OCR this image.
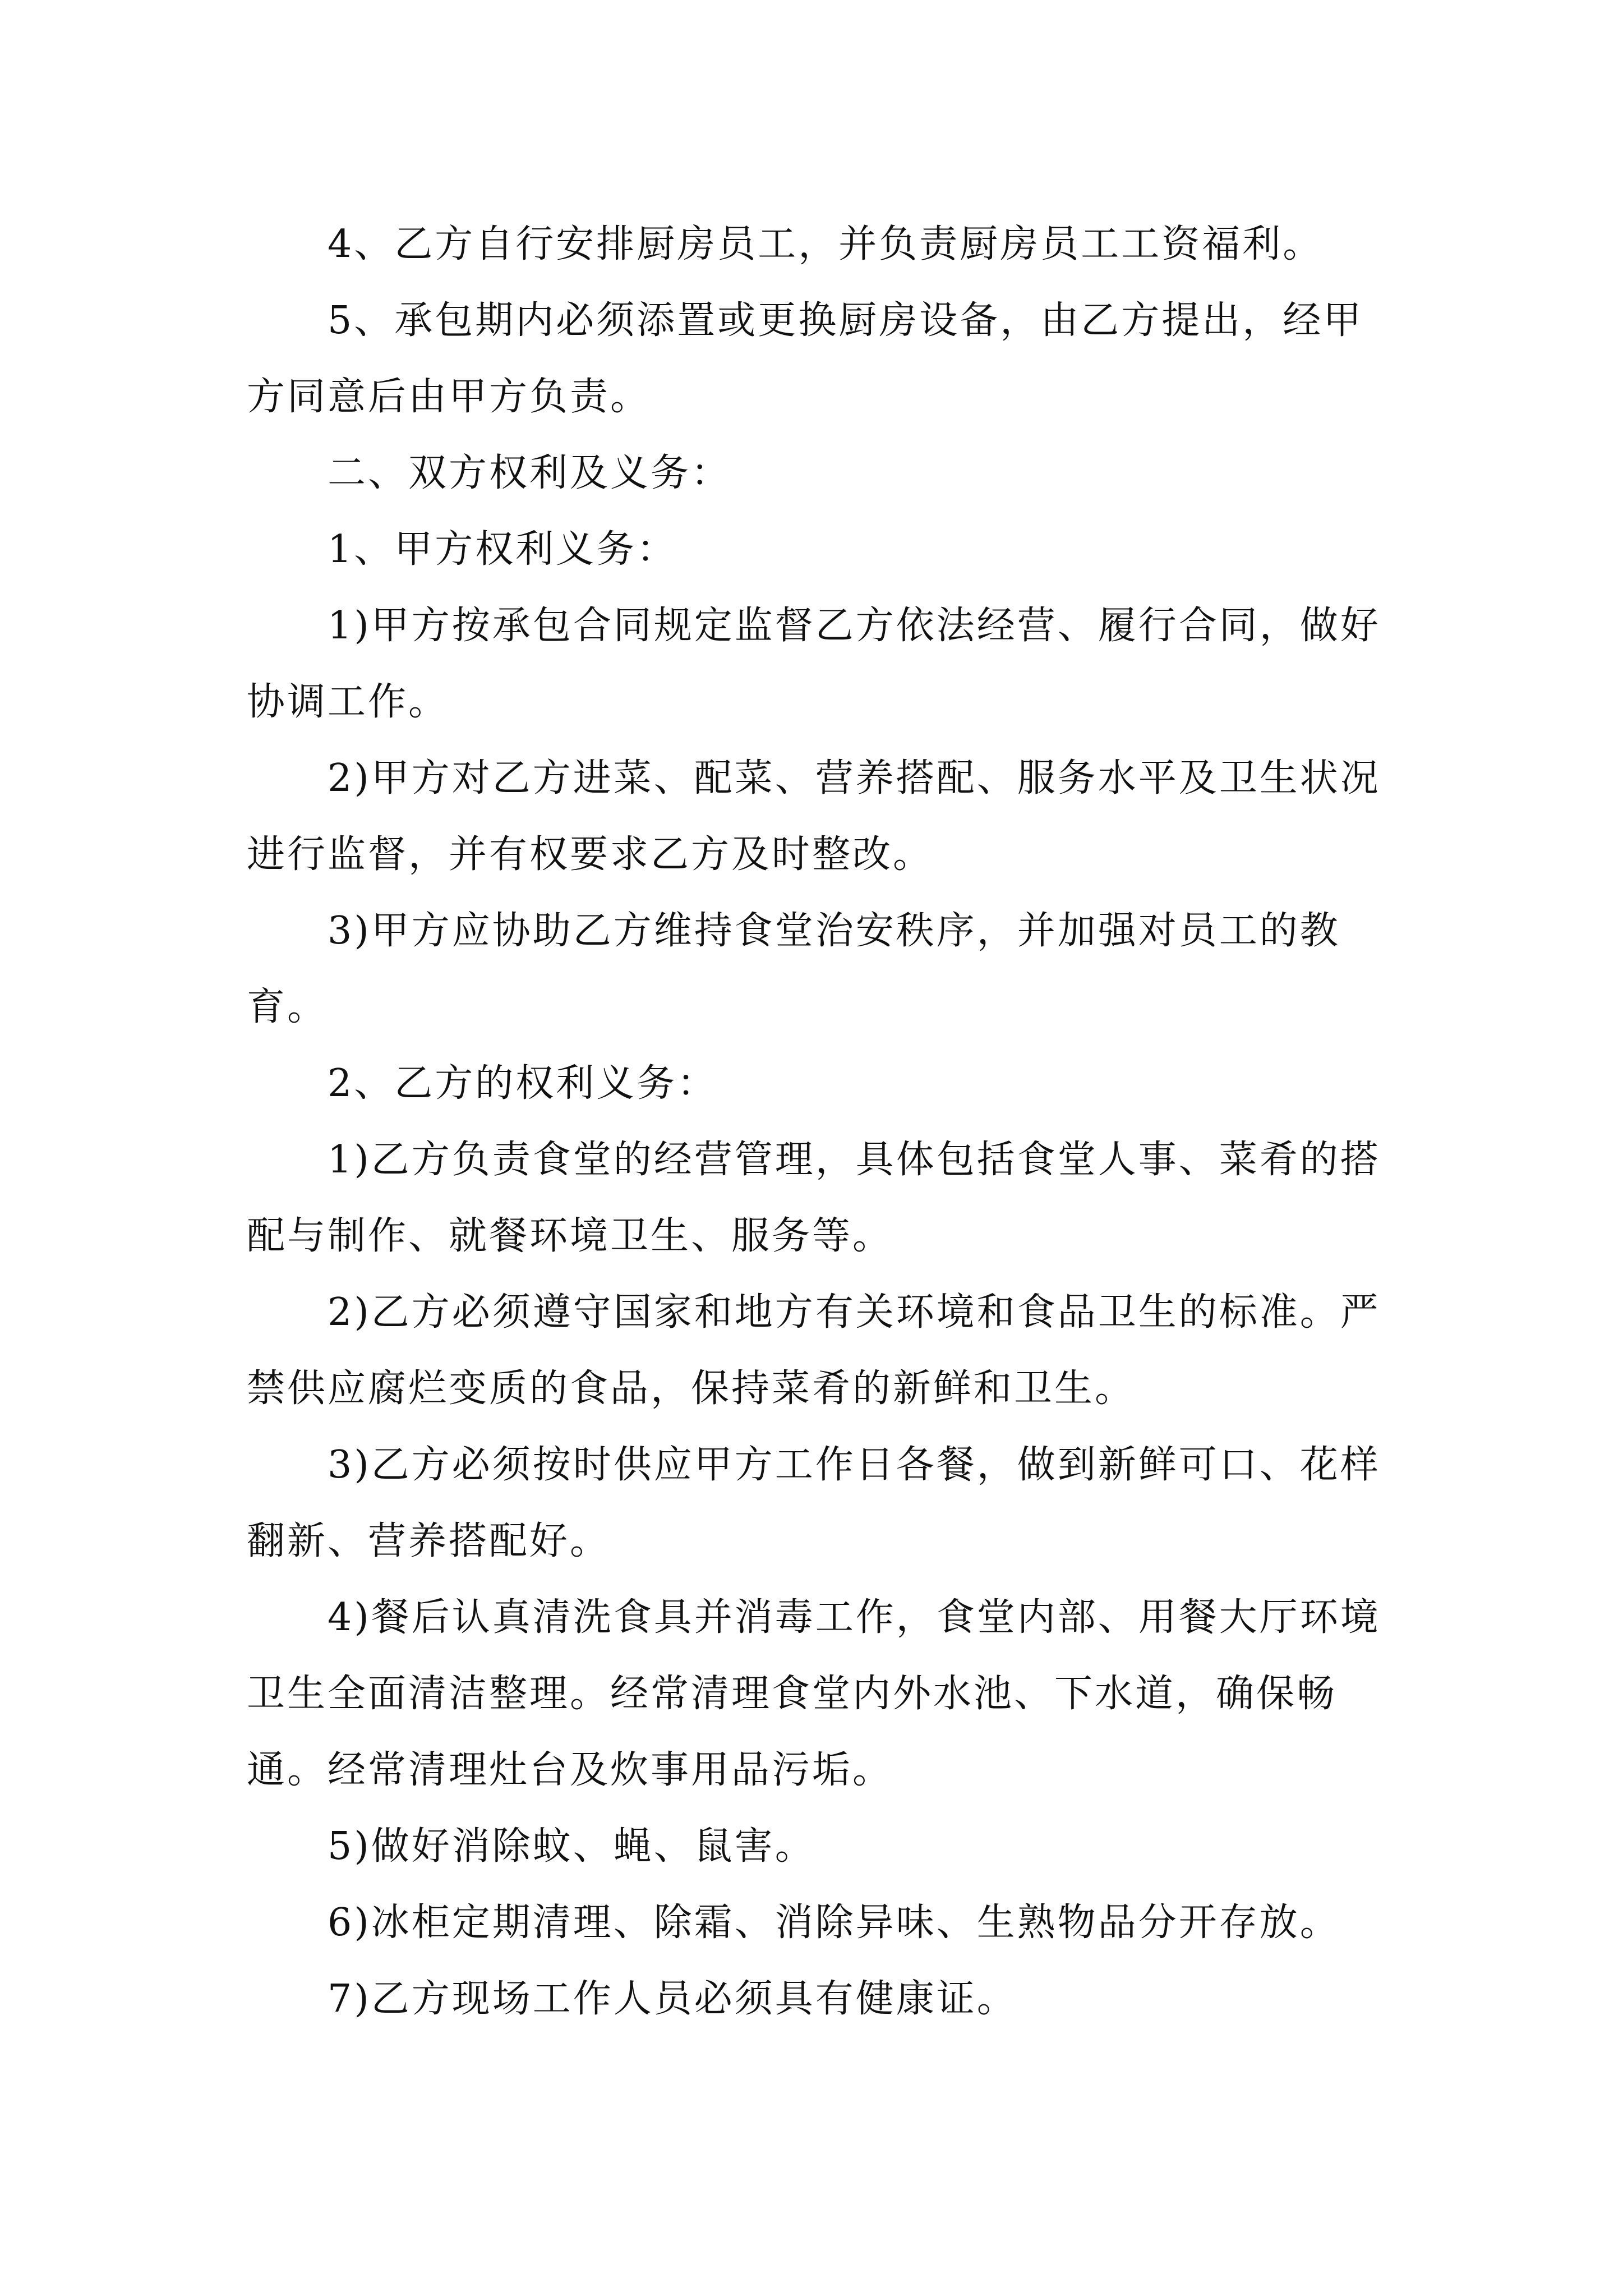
4、乙方自行安排厨房员工，并负责厨房员工工资福利。

5、承包期内必须添置或更换厨房设备，由乙方提出，经甲方同意后由甲方负责。

二、双方权利及义务：

1、甲方权利义务：

1)甲方按承包合同规定监督乙方依法经营、履行合同，做好协调工作。

2)甲方对乙方进菜、配菜、营养搭配、服务水平及卫生状况进行监督，并有权要求乙方及时整改。

3)甲方应协助乙方维持食堂治安秩序，并加强对员工的教育。

2、乙方的权利义务：

1)乙方负责食堂的经营管理，具体包括食堂人事、菜肴的搭配与制作、就餐环境卫生、服务等。

2)乙方必须遵守国家和地方有关环境和食品卫生的标准。严禁供应腐烂变质的食品，保持菜肴的新鲜和卫生。

3)乙方必须按时供应甲方工作日各餐，做到新鲜可口、花样翻新、营养搭配好。

4)餐后认真清洗食具并消毒工作，食堂内部、用餐大厅环境卫生全面清洁整理。经常清理食堂内外水池、下水道，确保畅通。经常清理灶台及炊事用品污垢。

5)做好消除蚊、蝇、鼠害。

6)冰柜定期清理、除霜、消除异味、生熟物品分开存放。

7)乙方现场工作人员必须具有健康证。
